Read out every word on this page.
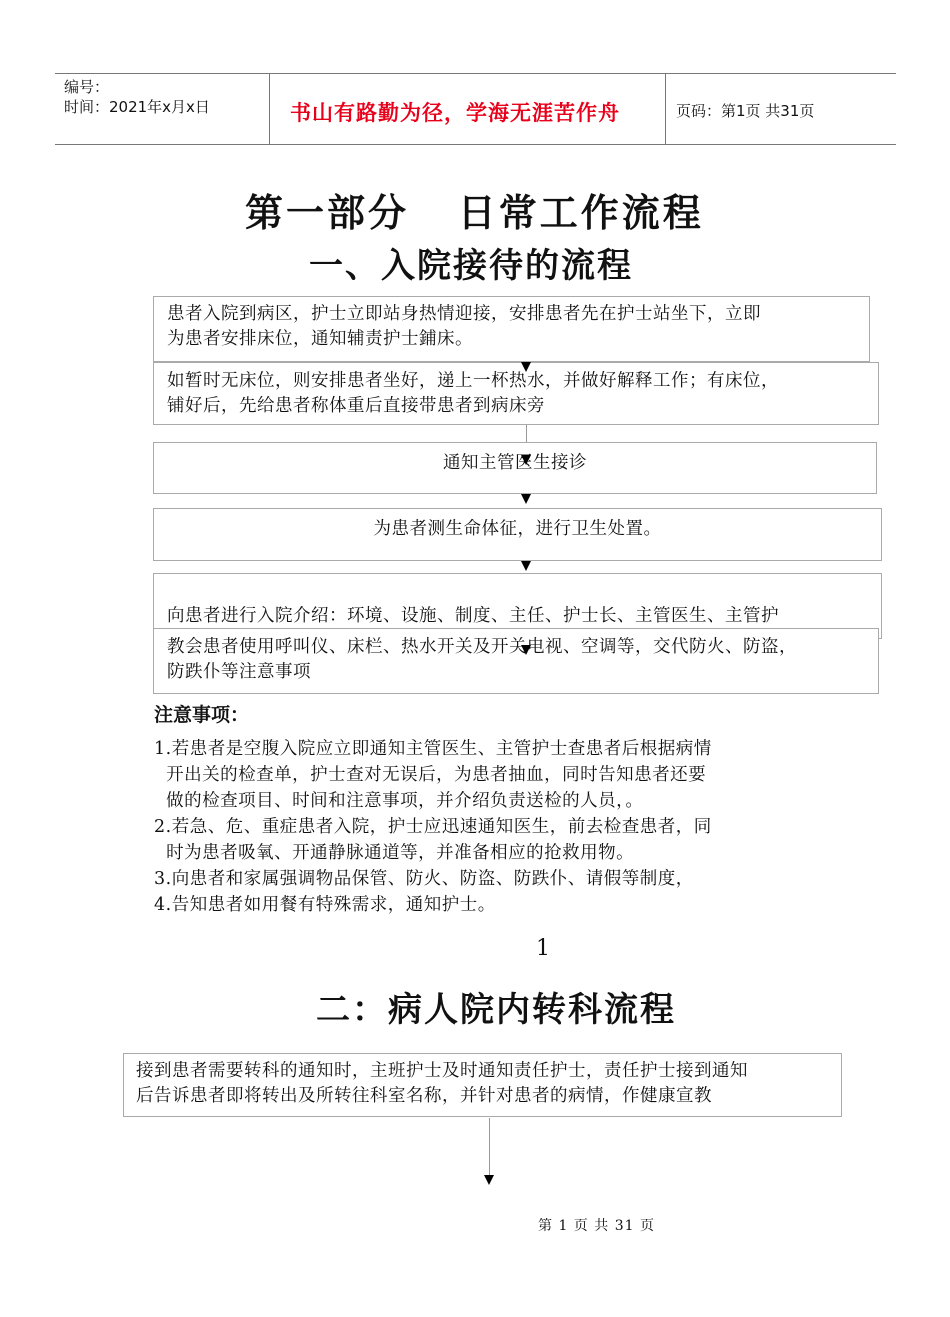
编号：
时间：2021年x月x日	书山有路勤为径，学海无涯苦作舟	页码：第1页 共31页
第一部分   日常工作流程
一、入院接待的流程

患者入院到病区，护士立即站身热情迎接，安排患者先在护士站坐下，立即

为患者安排床位，通知辅责护士鋪床。

如暂时无床位，则安排患者坐好，递上一杯热水，并做好解释工作；有床位，

铺好后，先给患者称体重后直接带患者到病床旁

通知主管医生接诊

为患者测生命体征，进行卫生处置。

向患者进行入院介绍：环境、设施、制度、主任、护士长、主管医生、主管护

教会患者使用呼叫仪、床栏、热水开关及开关电视、空调等，交代防火、防盗，

防跌仆等注意事项

注意事项：
1.若患者是空腹入院应立即通知主管医生、主管护士查患者后根据病情
开出关的检查单，护士查对无误后，为患者抽血，同时告知患者还要
做的检查项目、时间和注意事项，并介绍负责送检的人员，。
2.若急、危、重症患者入院，护士应迅速通知医生，前去检查患者，同
时为患者吸氧、开通静脉通道等，并准备相应的抢救用物。
3.向患者和家属强调物品保管、防火、防盗、防跌仆、请假等制度，
4.告知患者如用餐有特殊需求，通知护士。
1
二：病人院内转科流程

接到患者需要转科的通知时，主班护士及时通知责任护士，责任护士接到通知

后告诉患者即将转出及所转往科室名称，并针对患者的病情，作健康宣教

第 1 页 共 31 页
